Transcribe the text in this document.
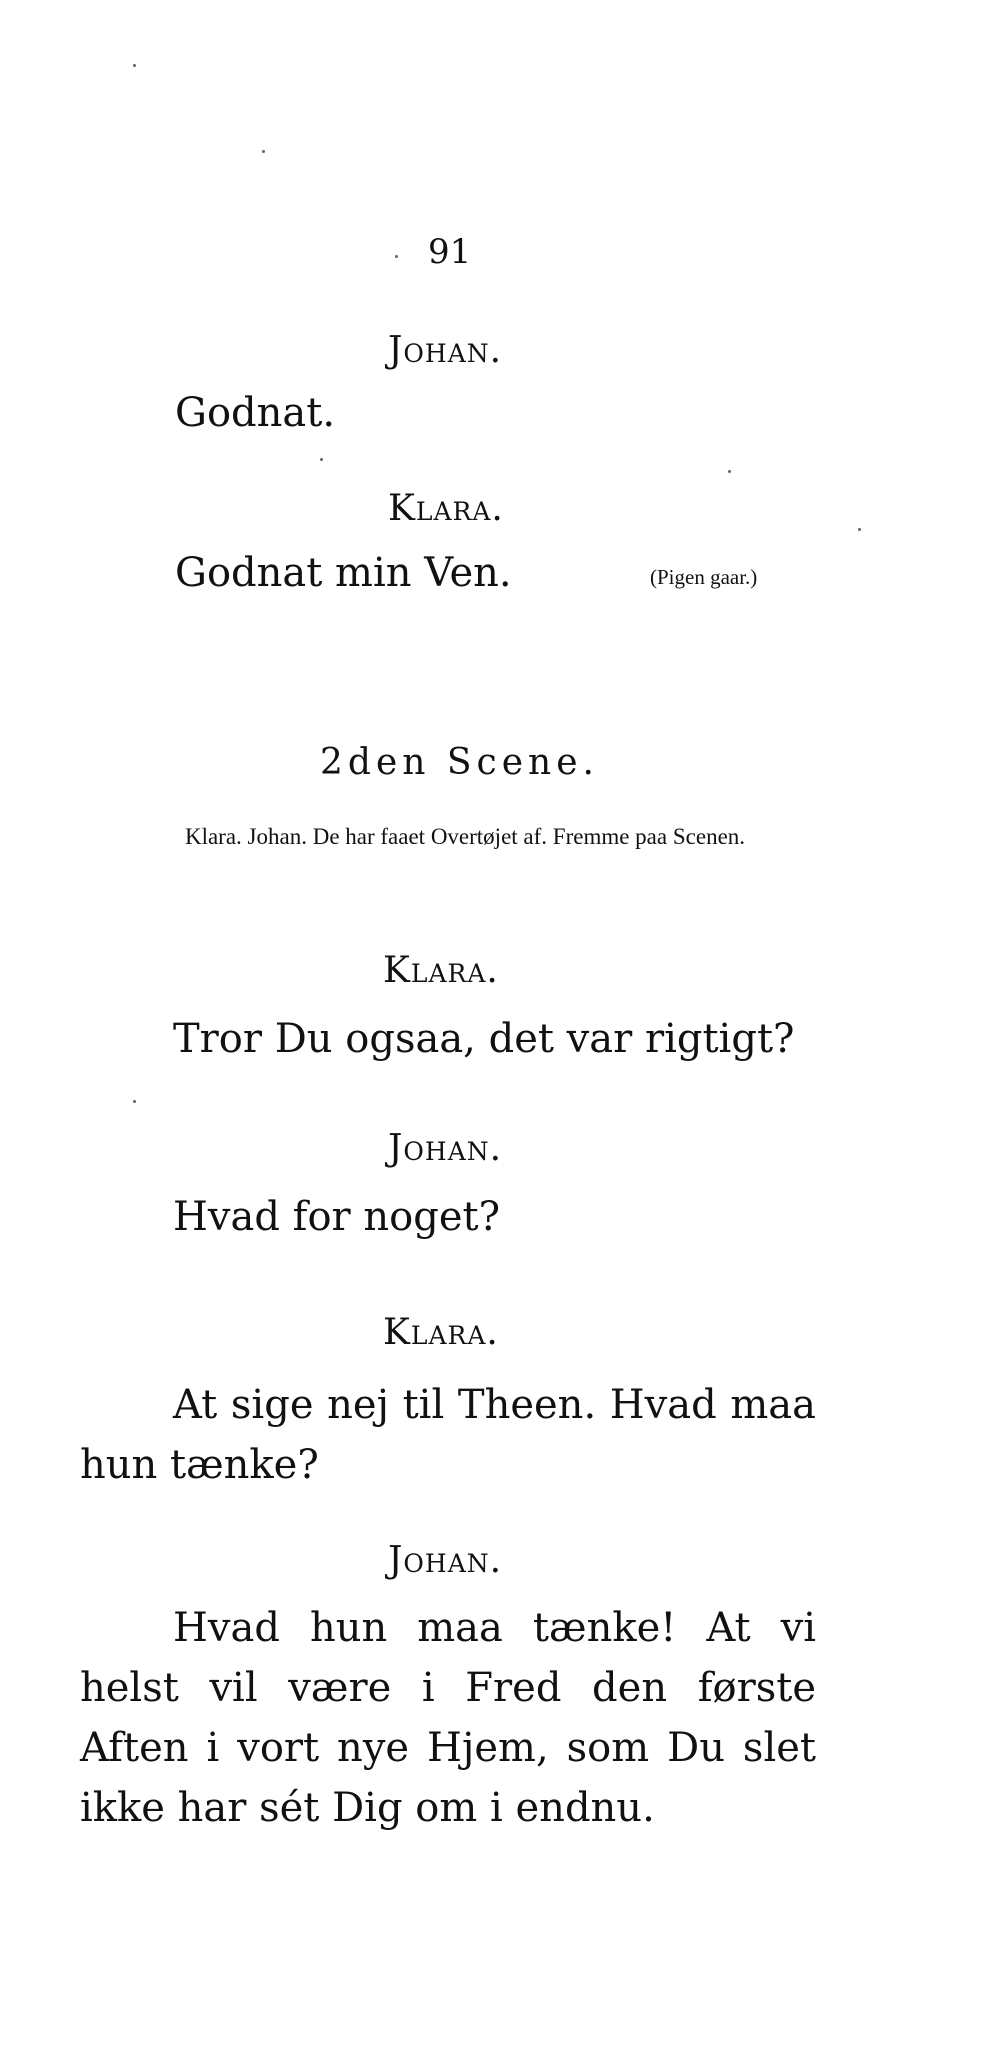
91
Johan.
Godnat.
Klara.
Godnat min Ven.	(Pigen gaar.)
2den Scene.
Klara. Johan. De har faaet Overtøjet af. Fremme paa Scenen.
Klara.
Tror Du ogsaa, det var rigtigt?
Johan.
Hvad for noget?
Klara.
At sige nej til Theen. Hvad maa hun tænke?
Johan.
Hvad hun maa tænke! At vi helst vil være i Fred den første Aften i vort nye Hjem, som Du slet ikke har sét Dig om i endnu.
